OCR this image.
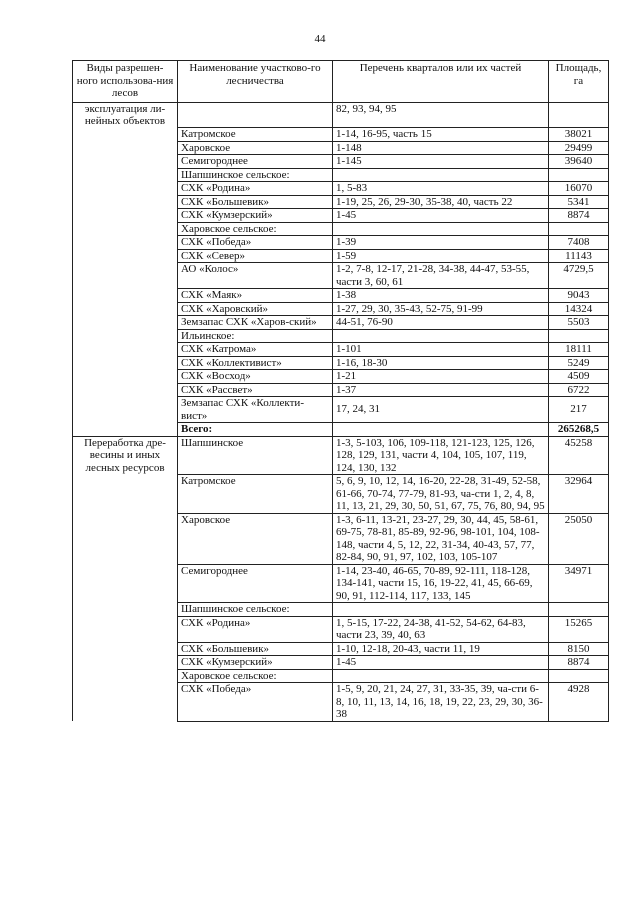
44
Виды разрешен-ного использова-ния лесов	Наименование участково-го лесничества	Перечень кварталов или их частей	Площадь, га
эксплуатация ли-нейных объектов		82, 93, 94, 95	
	Катромское	1-14, 16-95, часть 15	38021
	Харовское	1-148	29499
	Семигороднее	1-145	39640
	Шапшинское сельское:		
	СХК «Родина»	1, 5-83	16070
	СХК «Большевик»	1-19, 25, 26, 29-30, 35-38, 40, часть 22	5341
	СХК «Кумзерский»	1-45	8874
	Харовское сельское:		
	СХК «Победа»	1-39	7408
	СХК «Север»	1-59	11143
	АО «Колос»	1-2, 7-8, 12-17, 21-28, 34-38, 44-47, 53-55, части 3, 60, 61	4729,5
	СХК «Маяк»	1-38	9043
	СХК «Харовский»	1-27, 29, 30, 35-43, 52-75, 91-99	14324
	Земзапас СХК «Харов-ский»	44-51, 76-90	5503
	Ильинское:		
	СХК «Катрома»	1-101	18111
	СХК «Коллективист»	1-16, 18-30	5249
	СХК «Восход»	1-21	4509
	СХК «Рассвет»	1-37	6722
	Земзапас СХК «Коллекти-вист»	17, 24, 31	217
	Всего:		265268,5
Переработка дре-весины и иных лесных ресурсов	Шапшинское	1-3, 5-103, 106, 109-118, 121-123, 125, 126, 128, 129, 131, части 4, 104, 105, 107, 119, 124, 130, 132	45258
	Катромское	5, 6, 9, 10, 12, 14, 16-20, 22-28, 31-49, 52-58, 61-66, 70-74, 77-79, 81-93, ча-сти 1, 2, 4, 8, 11, 13, 21, 29, 30, 50, 51, 67, 75, 76, 80, 94, 95	32964
	Харовское	1-3, 6-11, 13-21, 23-27, 29, 30, 44, 45, 58-61, 69-75, 78-81, 85-89, 92-96, 98-101, 104, 108-148, части 4, 5, 12, 22, 31-34, 40-43, 57, 77, 82-84, 90, 91, 97, 102, 103, 105-107	25050
	Семигороднее	1-14, 23-40, 46-65, 70-89, 92-111, 118-128, 134-141, части 15, 16, 19-22, 41, 45, 66-69, 90, 91, 112-114, 117, 133, 145	34971
	Шапшинское сельское:		
	СХК «Родина»	1, 5-15, 17-22, 24-38, 41-52, 54-62, 64-83, части 23, 39, 40, 63	15265
	СХК «Большевик»	1-10, 12-18, 20-43, части 11, 19	8150
	СХК «Кумзерский»	1-45	8874
	Харовское сельское:		
	СХК «Победа»	1-5, 9, 20, 21, 24, 27, 31, 33-35, 39, ча-сти 6-8, 10, 11, 13, 14, 16, 18, 19, 22, 23, 29, 30, 36-38	4928
